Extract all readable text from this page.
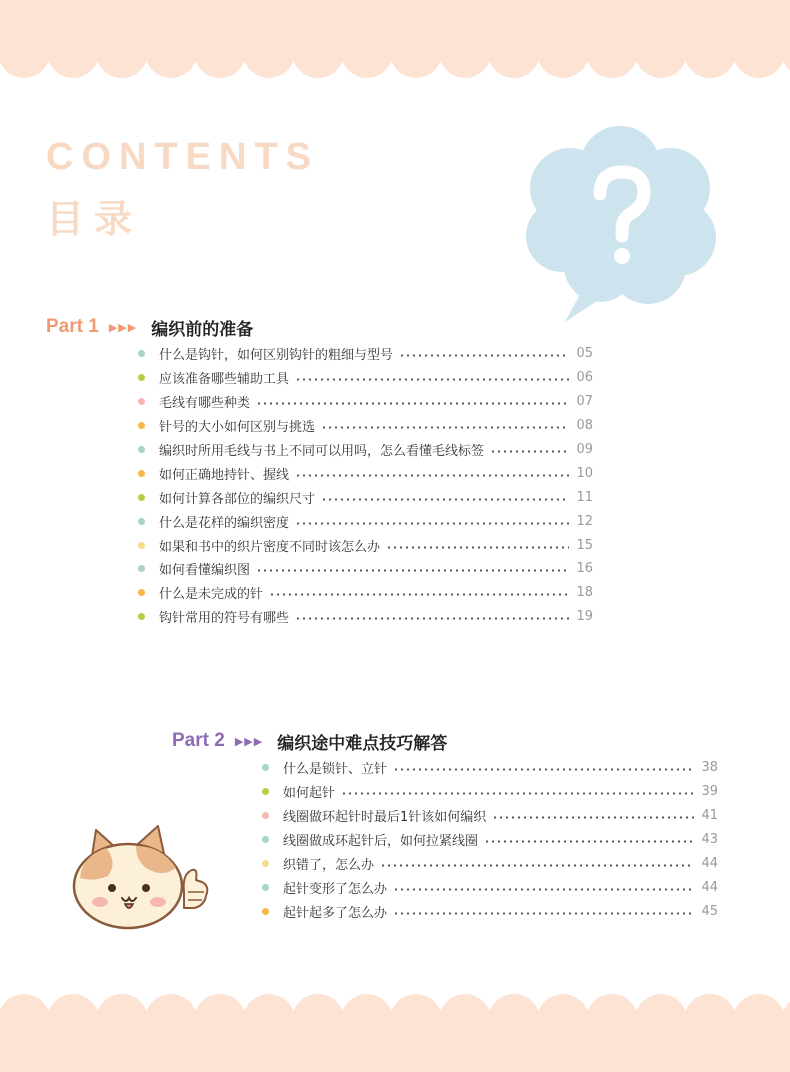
CONTENTS
目录
Part 1 ▶▶▶ 编织前的准备
什么是钩针，如何区别钩针的粗细与型号	05
应该准备哪些辅助工具	06
毛线有哪些种类	07
针号的大小如何区别与挑选	08
编织时所用毛线与书上不同可以用吗，怎么看懂毛线标签	09
如何正确地持针、握线	10
如何计算各部位的编织尺寸	11
什么是花样的编织密度	12
如果和书中的织片密度不同时该怎么办	15
如何看懂编织图	16
什么是未完成的针	18
钩针常用的符号有哪些	19
Part 2 ▶▶▶ 编织途中难点技巧解答
什么是锁针、立针	38
如何起针	39
线圈做环起针时最后1针该如何编织	41
线圈做成环起针后，如何拉紧线圈	43
织错了，怎么办	44
起针变形了怎么办	44
起针起多了怎么办	45
